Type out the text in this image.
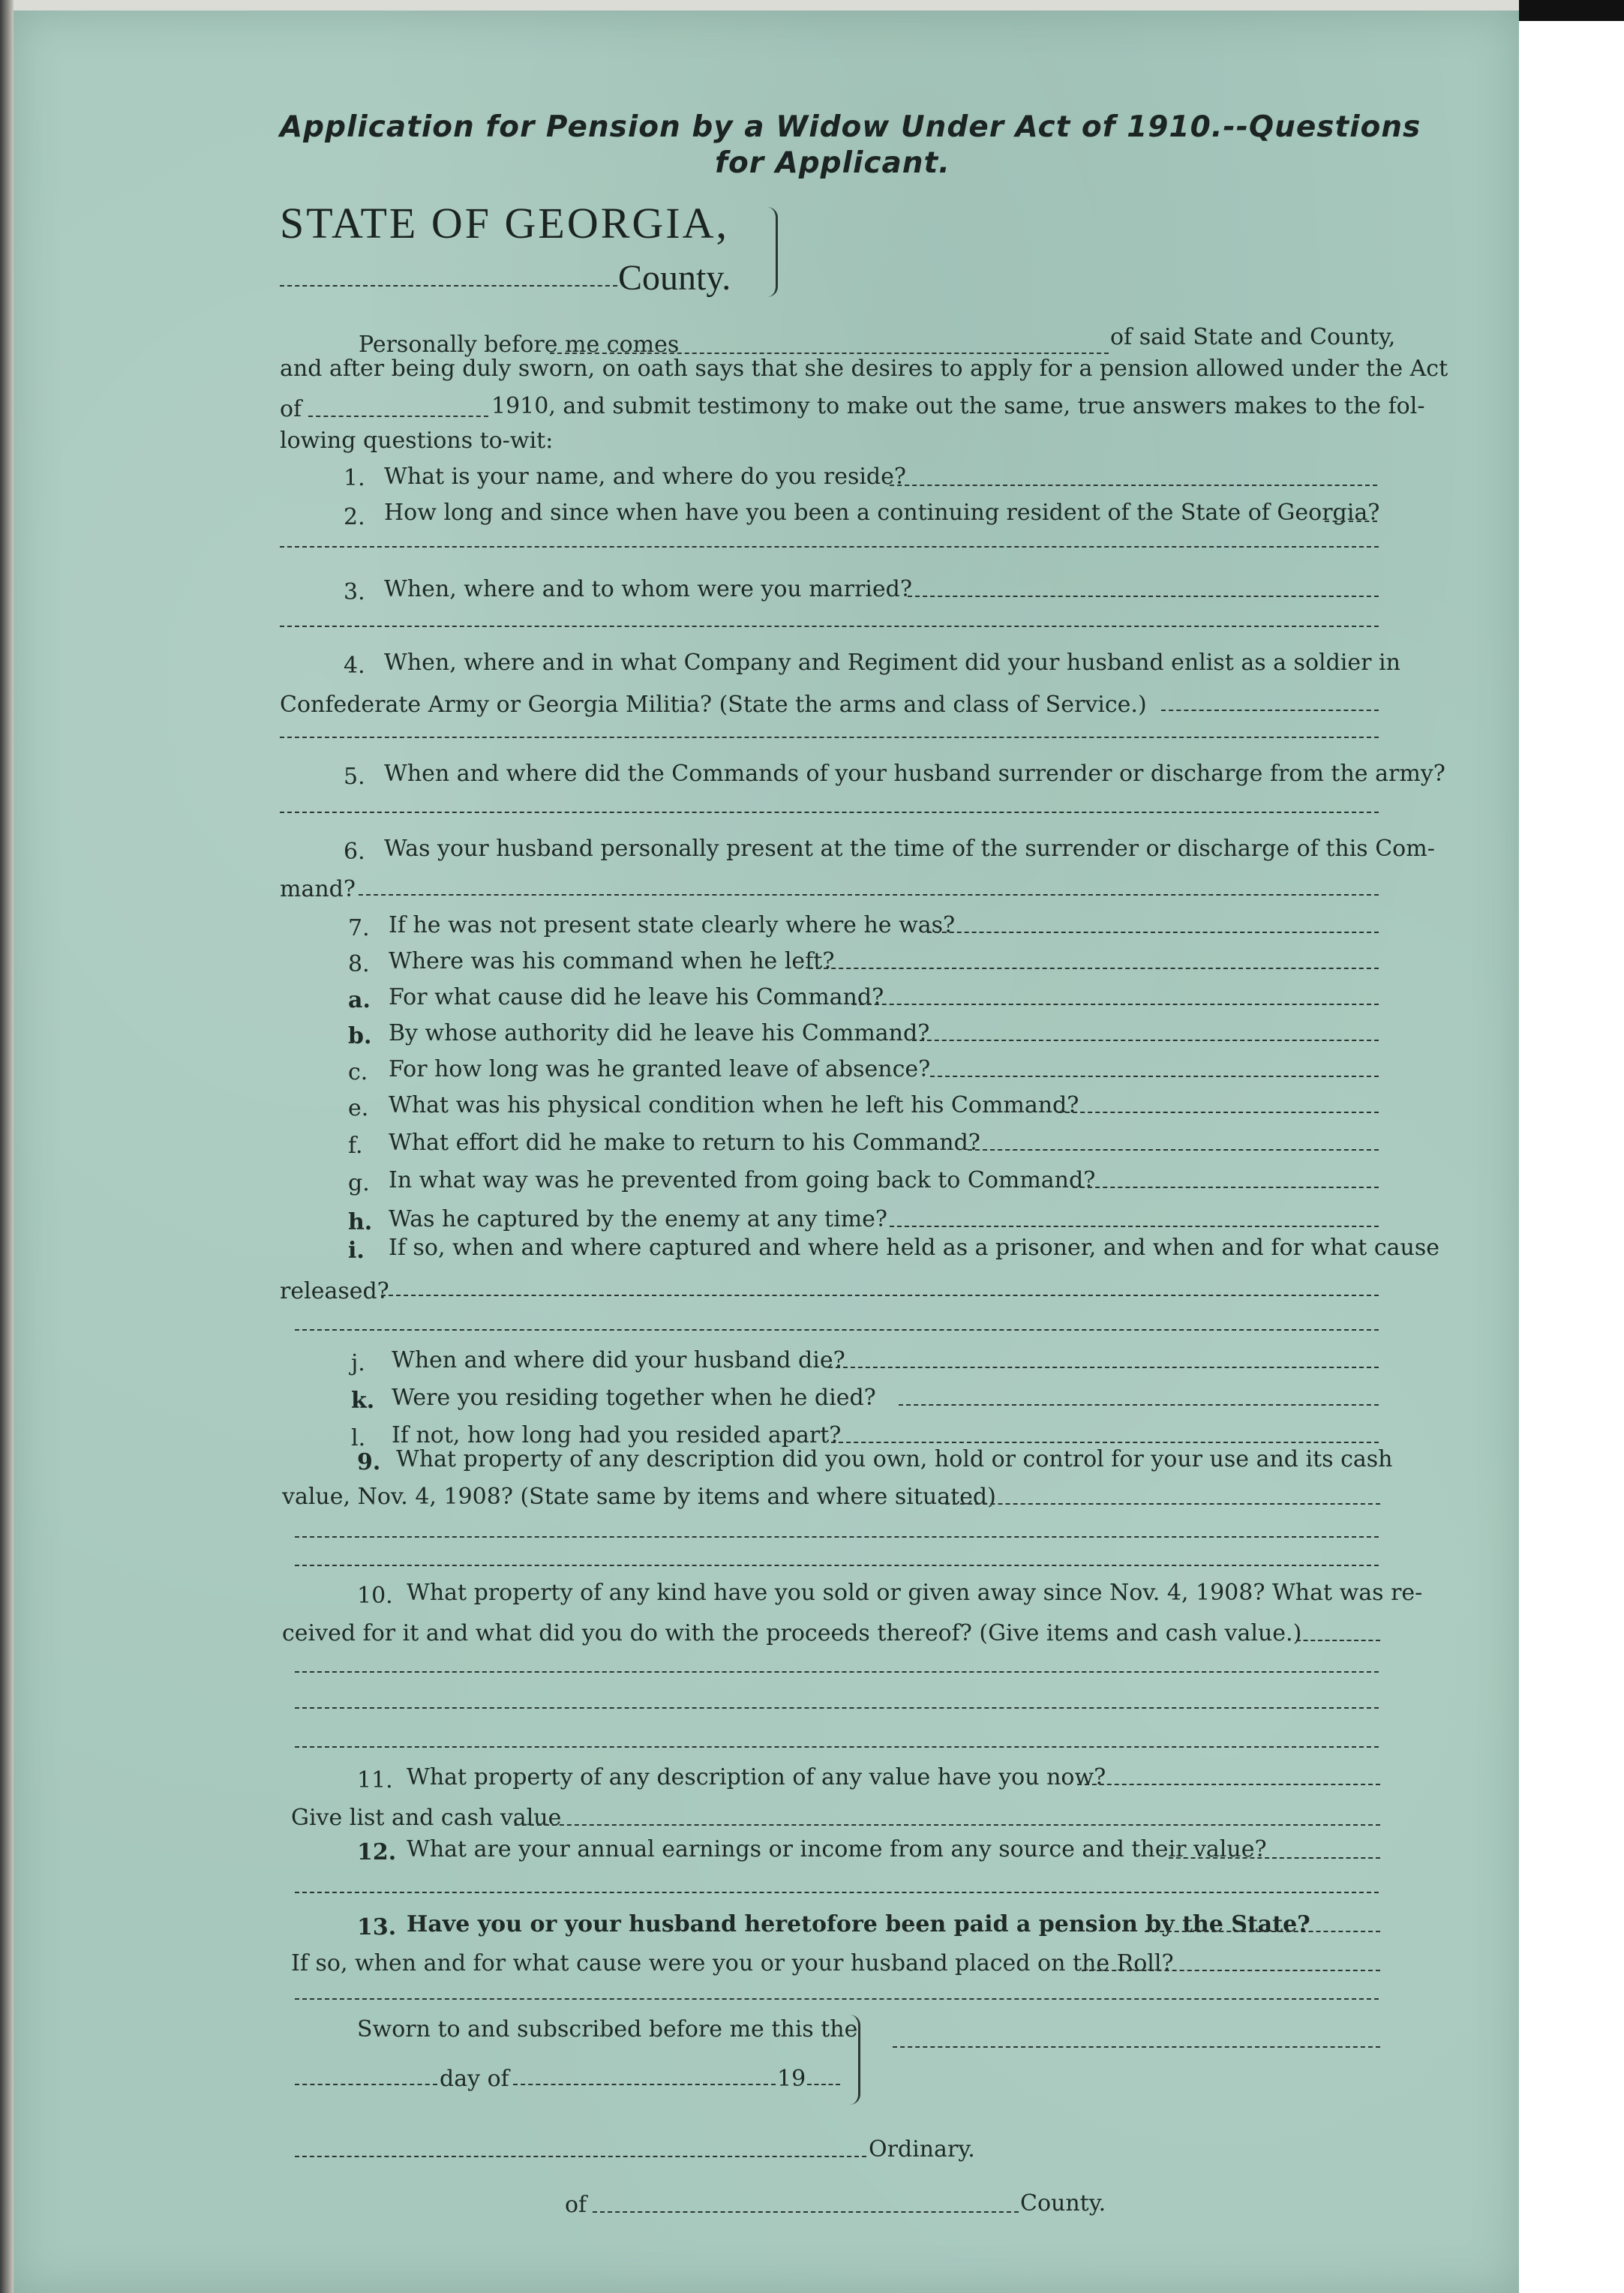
Application for Pension by a Widow Under Act of 1910.--Questions
for Applicant.
STATE OF GEORGIA,
County.
Personally before me comes	of said State and County,
and after being duly sworn, on oath says that she desires to apply for a pension allowed under the Act
of	1910, and submit testimony to make out the same, true answers makes to the fol-
lowing questions to-wit:
1. What is your name, and where do you reside?
2. How long and since when have you been a continuing resident of the State of Georgia?
3. When, where and to whom were you married?
4. When, where and in what Company and Regiment did your husband enlist as a soldier in
Confederate Army or Georgia Militia? (State the arms and class of Service.)
5. When and where did the Commands of your husband surrender or discharge from the army?
6. Was your husband personally present at the time of the surrender or discharge of this Com-
mand?
7. If he was not present state clearly where he was?
8. Where was his command when he left?
a. For what cause did he leave his Command?
b. By whose authority did he leave his Command?
c. For how long was he granted leave of absence?
e. What was his physical condition when he left his Command?
f. What effort did he make to return to his Command?
g. In what way was he prevented from going back to Command?
h. Was he captured by the enemy at any time?
i. If so, when and where captured and where held as a prisoner, and when and for what cause
released?
j. When and where did your husband die?
k. Were you residing together when he died?
l. If not, how long had you resided apart?
9. What property of any description did you own, hold or control for your use and its cash
value, Nov. 4, 1908? (State same by items and where situated)
10. What property of any kind have you sold or given away since Nov. 4, 1908? What was re-
ceived for it and what did you do with the proceeds thereof? (Give items and cash value.)
11. What property of any description of any value have you now?
Give list and cash value
12. What are your annual earnings or income from any source and their value?
13. Have you or your husband heretofore been paid a pension by the State?
If so, when and for what cause were you or your husband placed on the Roll?
Sworn to and subscribed before me this the
day of	19
Ordinary.
of	County.
